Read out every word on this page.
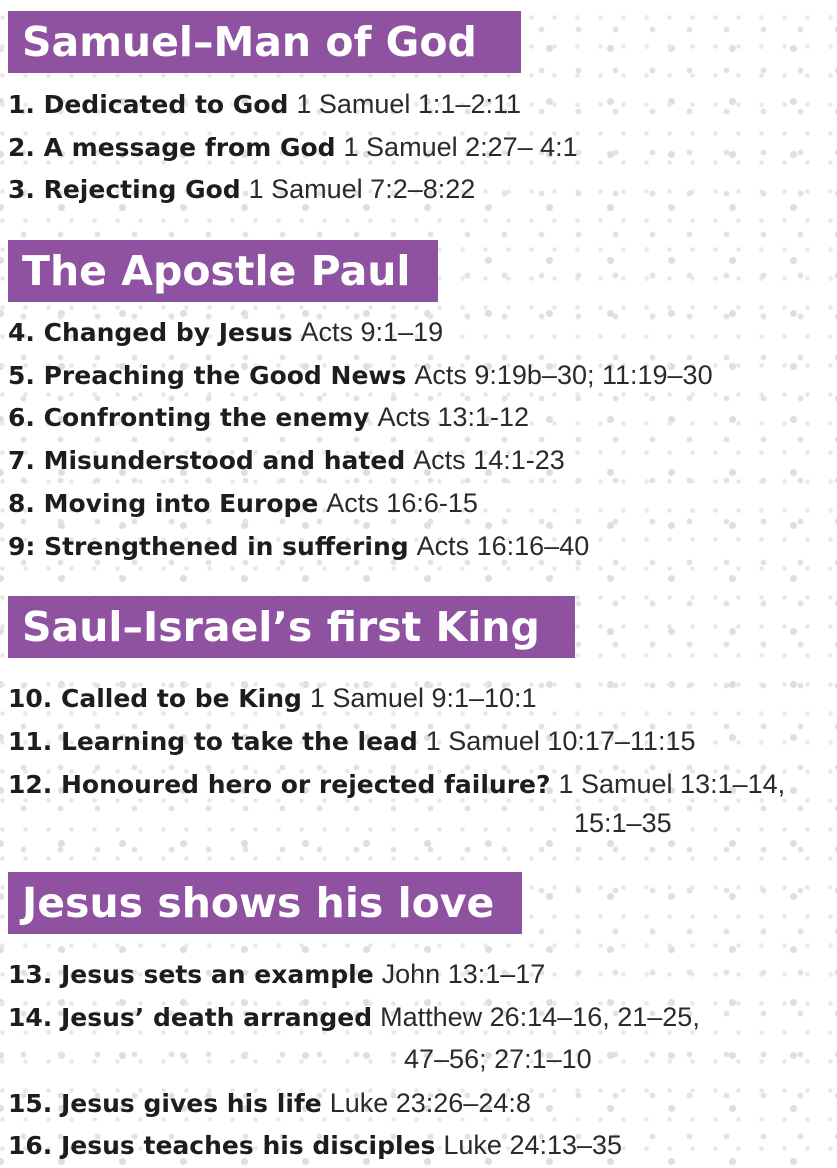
Samuel–Man of God
1. Dedicated to God 1 Samuel 1:1–2:11
2. A message from God 1 Samuel 2:27– 4:1
3. Rejecting God 1 Samuel 7:2–8:22
The Apostle Paul
4. Changed by Jesus Acts 9:1–19
5. Preaching the Good News Acts 9:19b–30; 11:19–30
6. Confronting the enemy Acts 13:1-12
7. Misunderstood and hated Acts 14:1-23
8. Moving into Europe Acts 16:6-15
9: Strengthened in suffering Acts 16:16–40
Saul–Israel’s first King
10. Called to be King 1 Samuel 9:1–10:1
11. Learning to take the lead 1 Samuel 10:17–11:15
12. Honoured hero or rejected failure? 1 Samuel 13:1–14,
15:1–35
Jesus shows his love
13. Jesus sets an example John 13:1–17
14. Jesus’ death arranged Matthew 26:14–16, 21–25,
47–56; 27:1–10
15. Jesus gives his life Luke 23:26–24:8
16. Jesus teaches his disciples Luke 24:13–35
